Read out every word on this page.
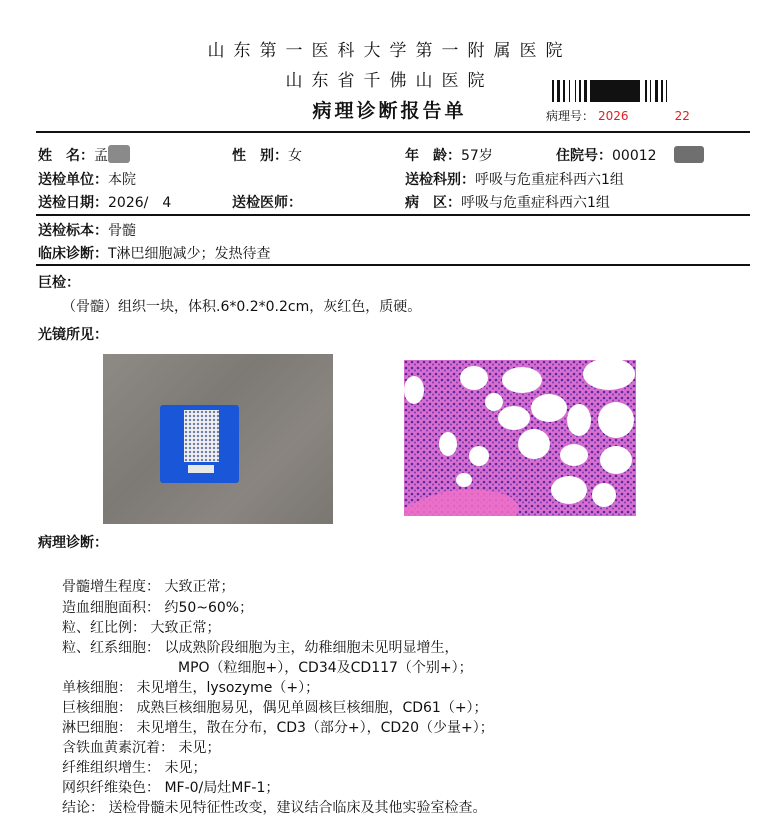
山东第一医科大学第一附属医院
山东省千佛山医院
病理诊断报告单	病理号： 2026	22
姓　名：孟	性　别：女	年　龄：57岁	住院号：00012
送检单位：本院	送检科别：呼吸与危重症科西六1组
送检日期：2026/ 4	送检医师：	病　区：呼吸与危重症科西六1组
送检标本：骨髓
临床诊断：T淋巴细胞减少；发热待查
巨检：
（骨髓）组织一块，体积.6*0.2*0.2cm，灰红色，质硬。
光镜所见：
病理诊断：
骨髓增生程度： 大致正常；
造血细胞面积： 约50~60%；
粒、红比例： 大致正常；
粒、红系细胞： 以成熟阶段细胞为主，幼稚细胞未见明显增生，
MPO（粒细胞+），CD34及CD117（个别+）；
单核细胞： 未见增生，lysozyme（+）；
巨核细胞： 成熟巨核细胞易见，偶见单圆核巨核细胞，CD61（+）；
淋巴细胞： 未见增生，散在分布，CD3（部分+），CD20（少量+）；
含铁血黄素沉着： 未见；
纤维组织增生： 未见；
网织纤维染色： MF-0/局灶MF-1；
结论： 送检骨髓未见特征性改变，建议结合临床及其他实验室检查。
